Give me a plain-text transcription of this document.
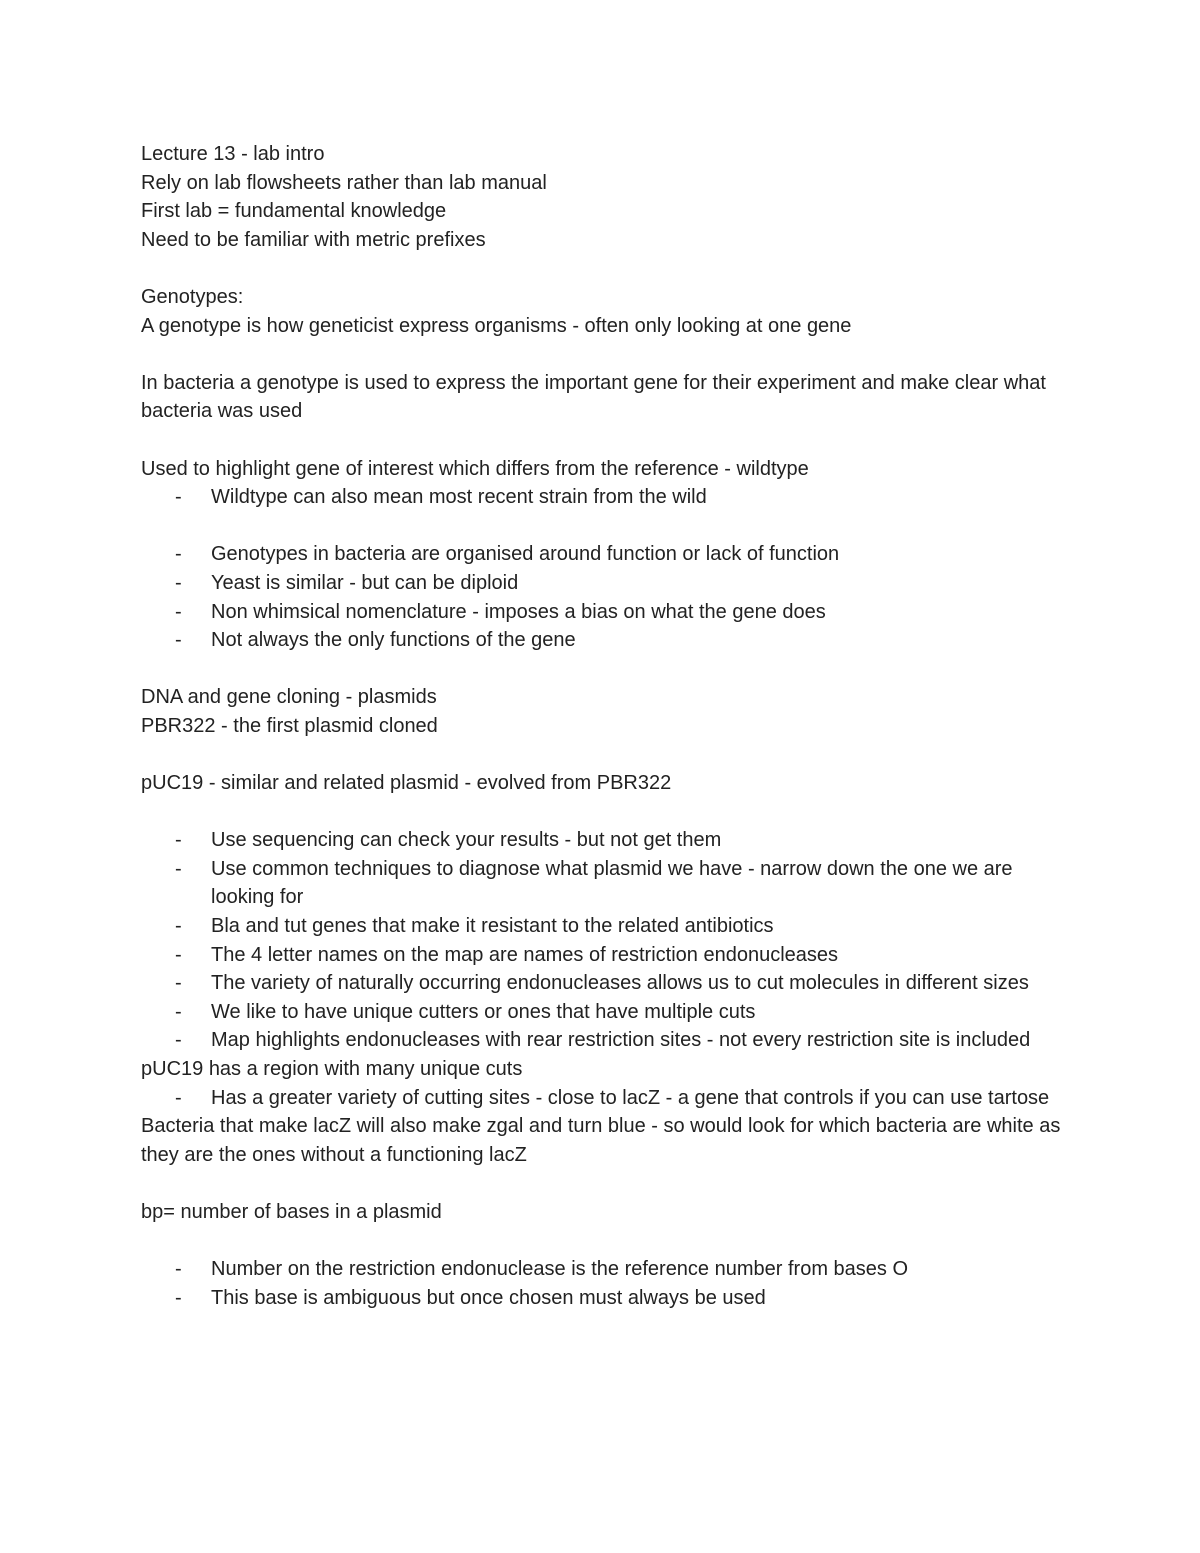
Lecture 13 - lab intro

Rely on lab flowsheets rather than lab manual

First lab = fundamental knowledge

Need to be familiar with metric prefixes

Genotypes:

A genotype is how geneticist express organisms - often only looking at one gene

In bacteria a genotype is used to express the important gene for their experiment and make clear what bacteria was used

Used to highlight gene of interest which differs from the reference - wildtype

- Wildtype can also mean most recent strain from the wild
- Genotypes in bacteria are organised around function or lack of function
- Yeast is similar - but can be diploid
- Non whimsical nomenclature - imposes a bias on what the gene does
- Not always the only functions of the gene

DNA and gene cloning - plasmids

PBR322 - the first plasmid cloned

pUC19 - similar and related plasmid - evolved from PBR322

- Use sequencing can check your results - but not get them
- Use common techniques to diagnose what plasmid we have - narrow down the one we are looking for
- Bla and tut genes that make it resistant to the related antibiotics
- The 4 letter names on the map are names of restriction endonucleases
- The variety of naturally occurring endonucleases allows us to cut molecules in different sizes
- We like to have unique cutters or ones that have multiple cuts
- Map highlights endonucleases with rear restriction sites - not every restriction site is included

pUC19 has a region with many unique cuts

- Has a greater variety of cutting sites - close to lacZ - a gene that controls if you can use tartose

Bacteria that make lacZ will also make zgal and turn blue - so would look for which bacteria are white as they are the ones without a functioning lacZ

bp= number of bases in a plasmid

- Number on the restriction endonuclease is the reference number from bases O
- This base is ambiguous but once chosen must always be used
